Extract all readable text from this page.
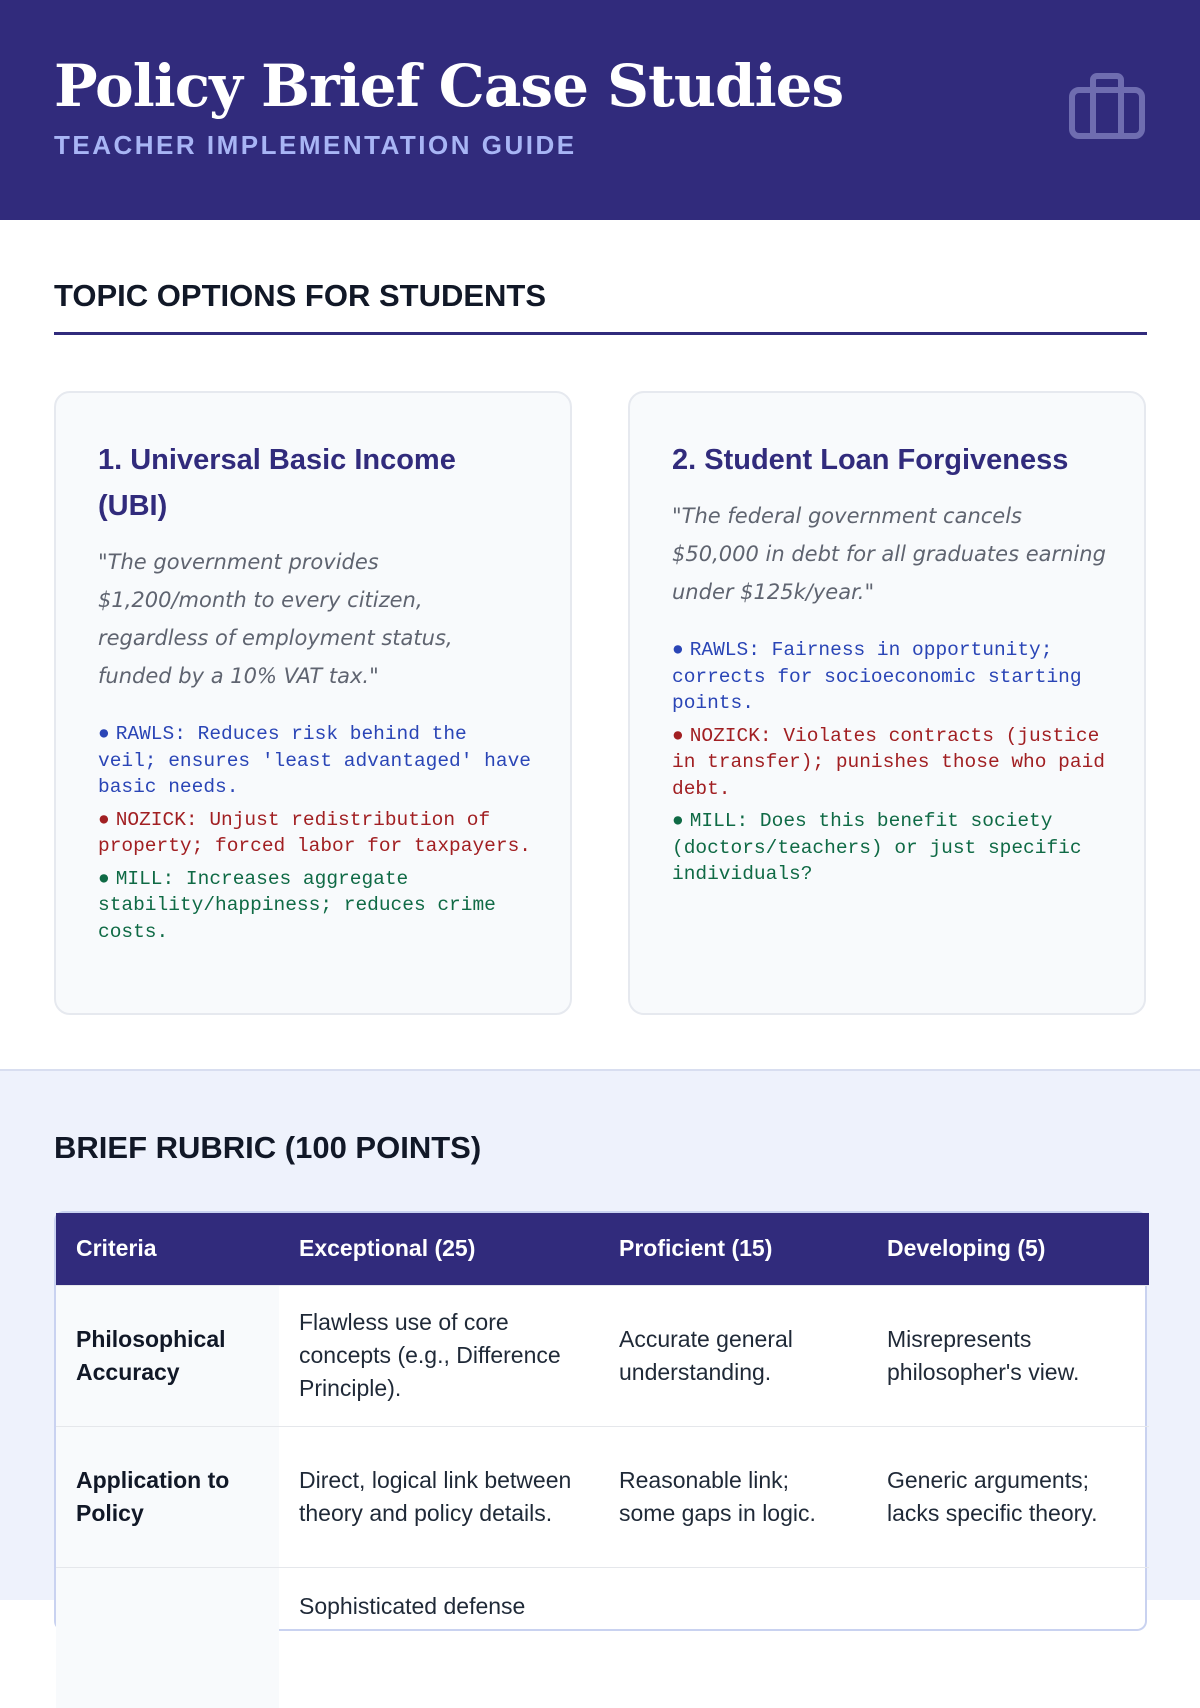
Policy Brief Case Studies
TEACHER IMPLEMENTATION GUIDE
TOPIC OPTIONS FOR STUDENTS
1. Universal Basic Income (UBI)

"The government provides $1,200/month to every citizen, regardless of employment status, funded by a 10% VAT tax."

● RAWLS: Reduces risk behind the veil; ensures 'least advantaged' have basic needs.
● NOZICK: Unjust redistribution of property; forced labor for taxpayers.
● MILL: Increases aggregate stability/happiness; reduces crime costs.
2. Student Loan Forgiveness

"The federal government cancels $50,000 in debt for all graduates earning under $125k/year."

● RAWLS: Fairness in opportunity; corrects for socioeconomic starting points.
● NOZICK: Violates contracts (justice in transfer); punishes those who paid debt.
● MILL: Does this benefit society (doctors/teachers) or just specific individuals?
BRIEF RUBRIC (100 POINTS)
Criteria	Exceptional (25)	Proficient (15)	Developing (5)
Philosophical Accuracy	Flawless use of core concepts (e.g., Difference Principle).	Accurate general understanding.	Misrepresents philosopher's view.
Application to Policy	Direct, logical link between theory and policy details.	Reasonable link; some gaps in logic.	Generic arguments; lacks specific theory.
	Sophisticated defense		
